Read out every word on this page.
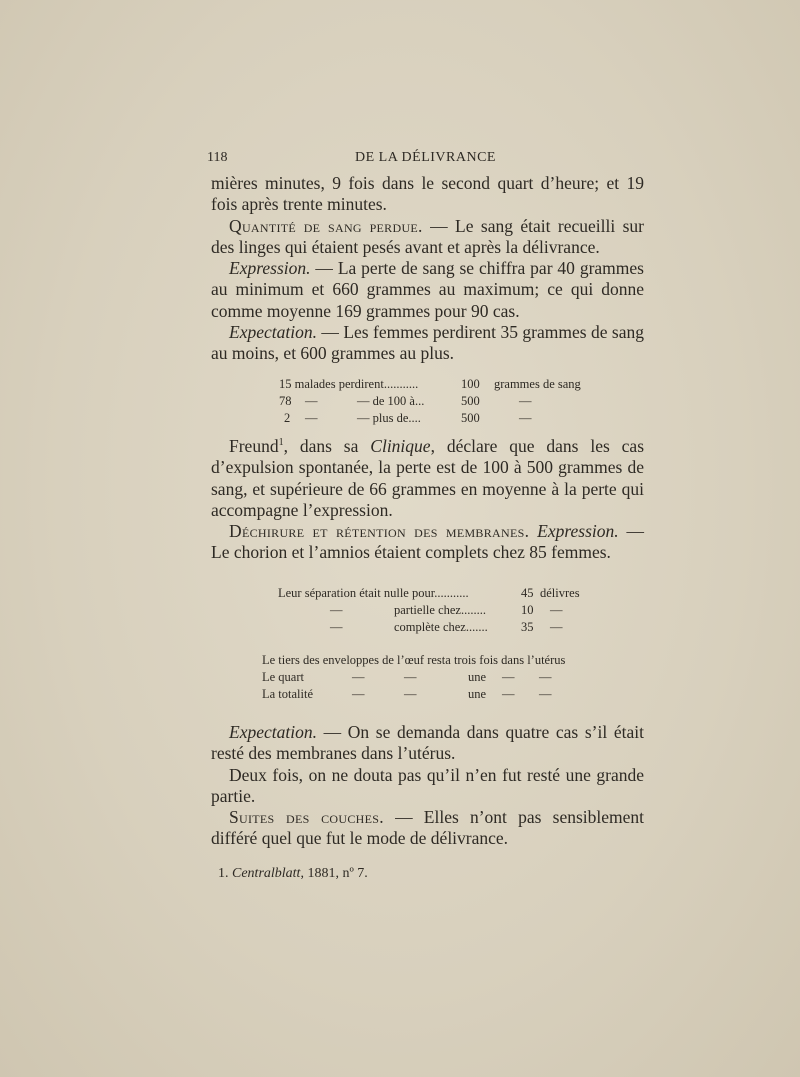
118	DE LA DÉLIVRANCE

mières minutes, 9 fois dans le second quart d’heure; et 19 fois après trente minutes.

Quantité de sang perdue. — Le sang était recueilli sur des linges qui étaient pesés avant et après la délivrance.

Expression. — La perte de sang se chiffra par 40 grammes au minimum et 660 grammes au maximum; ce qui donne comme moyenne 169 grammes pour 90 cas.

Expectation. — Les femmes perdirent 35 grammes de sang au moins, et 600 grammes au plus.

15 malades perdirent...........	100 grammes de sang
78 —	— de 100 à...	500	—
2 —	— plus de....	500	—

Freund$^1$, dans sa Clinique, déclare que dans les cas d’expulsion spontanée, la perte est de 100 à 500 grammes de sang, et supérieure de 66 grammes en moyenne à la perte qui accompagne l’expression.

Déchirure et rétention des membranes. Expression. — Le chorion et l’amnios étaient complets chez 85 femmes.

Leur séparation était nulle pour...........	45 délivres
—	partielle chez........	10 —
—	complète chez.......	35 —
Le tiers des enveloppes de l’œuf resta trois fois dans l’utérus
Le quart	—	—	une — —
La totalité	—	—	une — —

Expectation. — On se demanda dans quatre cas s’il était resté des membranes dans l’utérus.

Deux fois, on ne douta pas qu’il n’en fut resté une grande partie.

Suites des couches. — Elles n’ont pas sensiblement différé quel que fut le mode de délivrance.

1. Centralblatt, 1881, nº 7.
